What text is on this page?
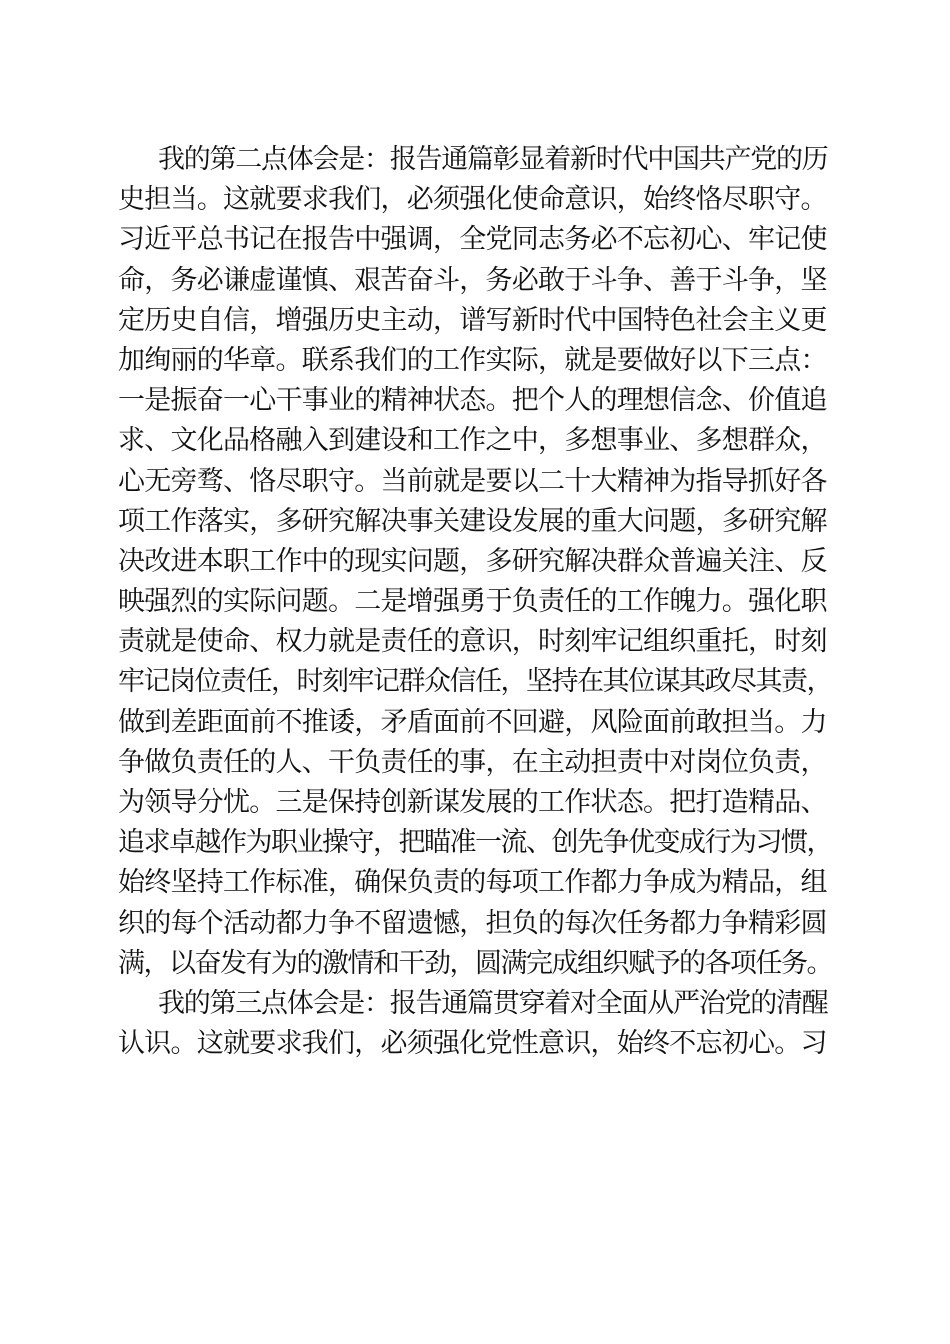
我的第二点体会是：报告通篇彰显着新时代中国共产党的历
史担当。这就要求我们，必须强化使命意识，始终恪尽职守。
习近平总书记在报告中强调，全党同志务必不忘初心、牢记使
命，务必谦虚谨慎、艰苦奋斗，务必敢于斗争、善于斗争，坚
定历史自信，增强历史主动，谱写新时代中国特色社会主义更
加绚丽的华章。联系我们的工作实际，就是要做好以下三点：
一是振奋一心干事业的精神状态。把个人的理想信念、价值追
求、文化品格融入到建设和工作之中，多想事业、多想群众，
心无旁骛、恪尽职守。当前就是要以二十大精神为指导抓好各
项工作落实，多研究解决事关建设发展的重大问题，多研究解
决改进本职工作中的现实问题，多研究解决群众普遍关注、反
映强烈的实际问题。二是增强勇于负责任的工作魄力。强化职
责就是使命、权力就是责任的意识，时刻牢记组织重托，时刻
牢记岗位责任，时刻牢记群众信任，坚持在其位谋其政尽其责，
做到差距面前不推诿，矛盾面前不回避，风险面前敢担当。力
争做负责任的人、干负责任的事，在主动担责中对岗位负责，
为领导分忧。三是保持创新谋发展的工作状态。把打造精品、
追求卓越作为职业操守，把瞄准一流、创先争优变成行为习惯，
始终坚持工作标准，确保负责的每项工作都力争成为精品，组
织的每个活动都力争不留遗憾，担负的每次任务都力争精彩圆
满，以奋发有为的激情和干劲，圆满完成组织赋予的各项任务。
我的第三点体会是：报告通篇贯穿着对全面从严治党的清醒
认识。这就要求我们，必须强化党性意识，始终不忘初心。习
